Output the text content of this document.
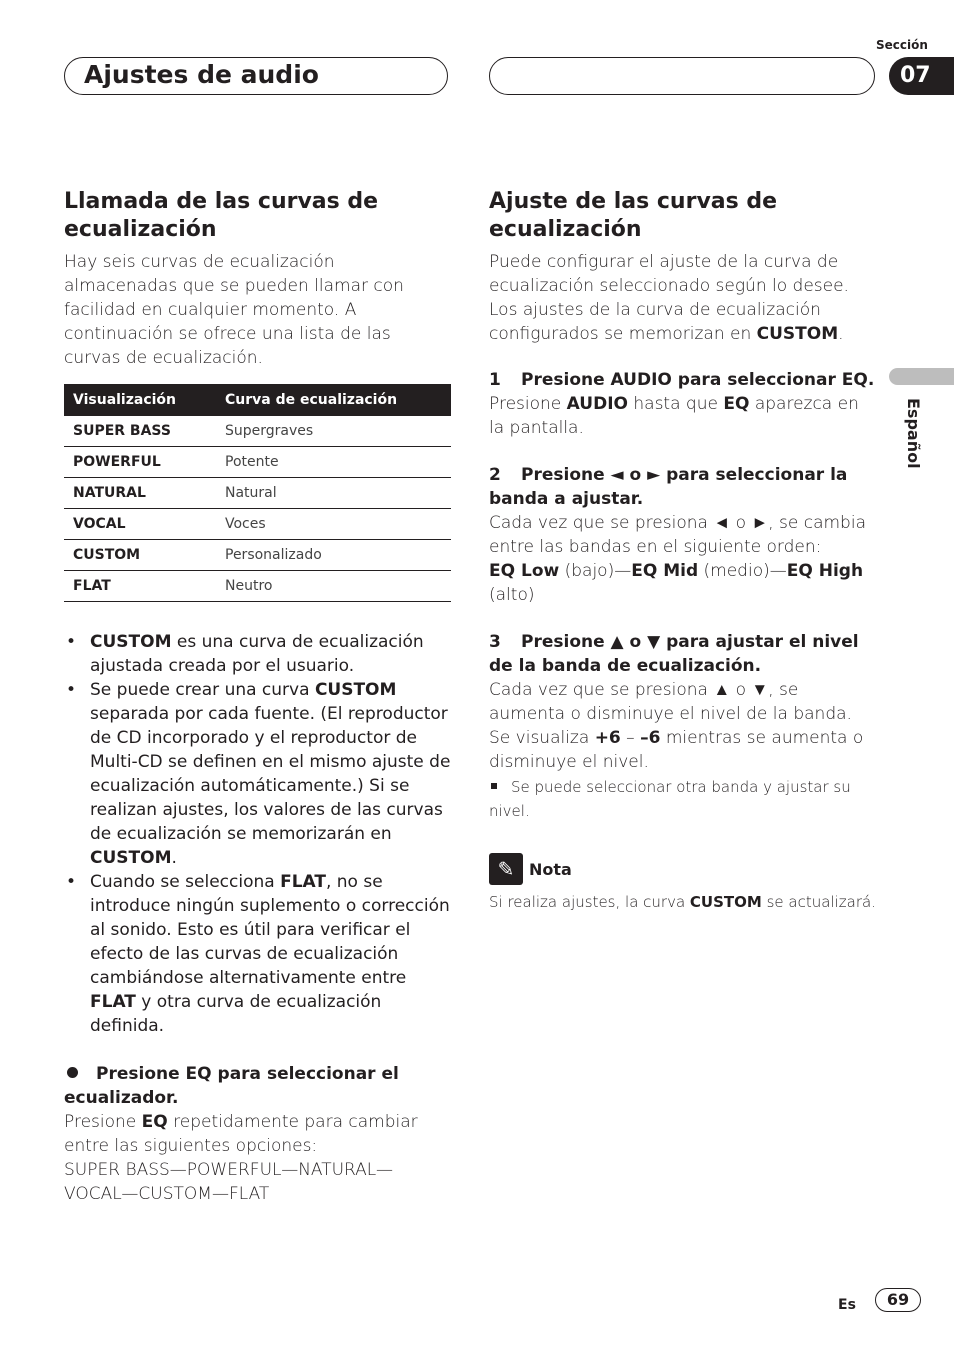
Ajustes de audio
Sección
07
Español
Llamada de las curvas de ecualización

Hay seis curvas de ecualización almacenadas que se pueden llamar con facilidad en cualquier momento. A continuación se ofrece una lista de las curvas de ecualización.

Visualización	Curva de ecualización
SUPER BASS	Supergraves
POWERFUL	Potente
NATURAL	Natural
VOCAL	Voces
CUSTOM	Personalizado
FLAT	Neutro
• CUSTOM es una curva de ecualización ajustada creada por el usuario.
• Se puede crear una curva CUSTOM separada por cada fuente. (El reproductor de CD incorporado y el reproductor de Multi-CD se definen en el mismo ajuste de ecualización automáticamente.) Si se realizan ajustes, los valores de las curvas de ecualización se memorizarán en CUSTOM.
• Cuando se selecciona FLAT, no se introduce ningún suplemento o corrección al sonido. Esto es útil para verificar el efecto de las curvas de ecualización cambiándose alternativamente entre FLAT y otra curva de ecualización definida.
Presione EQ para seleccionar el ecualizador.

Presione EQ repetidamente para cambiar entre las siguientes opciones:

SUPER BASS—POWERFUL—NATURAL—
VOCAL—CUSTOM—FLAT

Ajuste de las curvas de ecualización

Puede configurar el ajuste de la curva de ecualización seleccionado según lo desee. Los ajustes de la curva de ecualización configurados se memorizan en CUSTOM.

1 Presione AUDIO para seleccionar EQ.

Presione AUDIO hasta que EQ aparezca en la pantalla.

2 Presione ◄ o ► para seleccionar la banda a ajustar.

Cada vez que se presiona ◄ o ►, se cambia entre las bandas en el siguiente orden:

EQ Low (bajo)—EQ Mid (medio)—EQ High
(alto)

3 Presione ▲ o ▼ para ajustar el nivel de la banda de ecualización.

Cada vez que se presiona ▲ o ▼, se aumenta o disminuye el nivel de la banda.

Se visualiza +6 – –6 mientras se aumenta o disminuye el nivel.

Se puede seleccionar otra banda y ajustar su nivel.

✎ Nota

Si realiza ajustes, la curva CUSTOM se actualizará.

Es	69
